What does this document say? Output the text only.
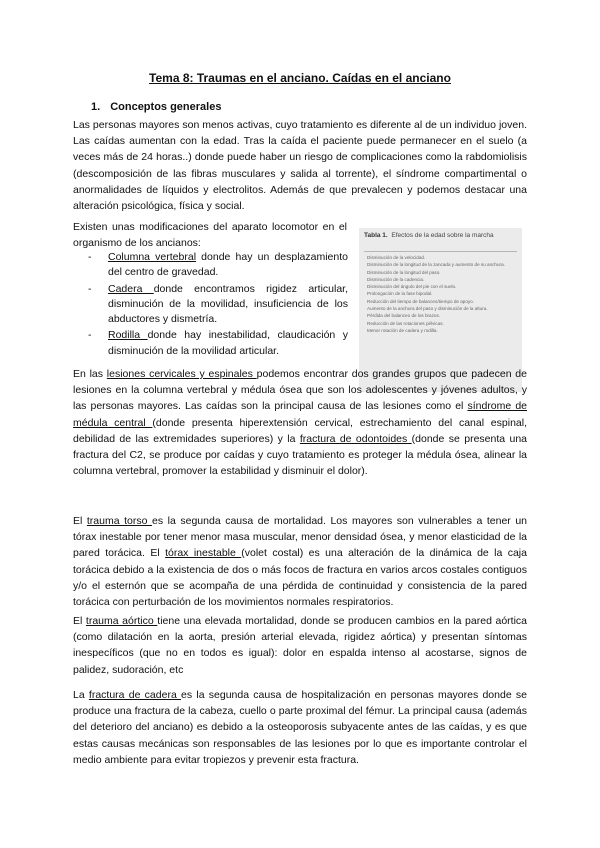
Tema 8: Traumas en el anciano. Caídas en el anciano
1. Conceptos generales

Las personas mayores son menos activas, cuyo tratamiento es diferente al de un individuo joven. Las caídas aumentan con la edad. Tras la caída el paciente puede permanecer en el suelo (a veces más de 24 horas..) donde puede haber un riesgo de complicaciones como la rabdomiolisis (descomposición de las fibras musculares y salida al torrente), el síndrome compartimental o anormalidades de líquidos y electrolitos. Además de que prevalecen y podemos destacar una alteración psicológica, física y social.

Existen unas modificaciones del aparato locomotor en el organismo de los ancianos:

- Columna vertebral donde hay un desplazamiento del centro de gravedad.
- Cadera donde encontramos rigidez articular, disminución de la movilidad, insuficiencia de los abductores y dismetría.
- Rodilla donde hay inestabilidad, claudicación y disminución de la movilidad articular.
Tabla 1. Efectos de la edad sobre la marcha
Disminución de la velocidad.
Disminución de la longitud de la zancada y aumento de su anchura.
Disminución de la longitud del paso.
Disminución de la cadencia.
Disminución del ángulo del pie con el suelo.
Prolongación de la fase bipodal.
Reducción del tiempo de balanceo/tiempo de apoyo.
Aumento de la anchura del paso y disminución de la altura.
Pérdida del balanceo de los brazos.
Reducción de las rotaciones pélvicas.
Menor rotación de cadera y rodilla.

En las lesiones cervicales y espinales podemos encontrar dos grandes grupos que padecen de lesiones en la columna vertebral y médula ósea que son los adolescentes y jóvenes adultos, y las personas mayores. Las caídas son la principal causa de las lesiones como el síndrome de médula central (donde presenta hiperextensión cervical, estrechamiento del canal espinal, debilidad de las extremidades superiores) y la fractura de odontoides (donde se presenta una fractura del C2, se produce por caídas y cuyo tratamiento es proteger la médula ósea, alinear la columna vertebral, promover la estabilidad y disminuir el dolor).

El trauma torso es la segunda causa de mortalidad. Los mayores son vulnerables a tener un tórax inestable por tener menor masa muscular, menor densidad ósea, y menor elasticidad de la pared torácica. El tórax inestable (volet costal) es una alteración de la dinámica de la caja torácica debido a la existencia de dos o más focos de fractura en varios arcos costales contiguos y/o el esternón que se acompaña de una pérdida de continuidad y consistencia de la pared torácica con perturbación de los movimientos normales respiratorios.

El trauma aórtico tiene una elevada mortalidad, donde se producen cambios en la pared aórtica (como dilatación en la aorta, presión arterial elevada, rigidez aórtica) y presentan síntomas inespecíficos (que no en todos es igual): dolor en espalda intenso al acostarse, signos de palidez, sudoración, etc

La fractura de cadera es la segunda causa de hospitalización en personas mayores donde se produce una fractura de la cabeza, cuello o parte proximal del fémur. La principal causa (además del deterioro del anciano) es debido a la osteoporosis subyacente antes de las caídas, y es que estas causas mecánicas son responsables de las lesiones por lo que es importante controlar el medio ambiente para evitar tropiezos y prevenir esta fractura.
